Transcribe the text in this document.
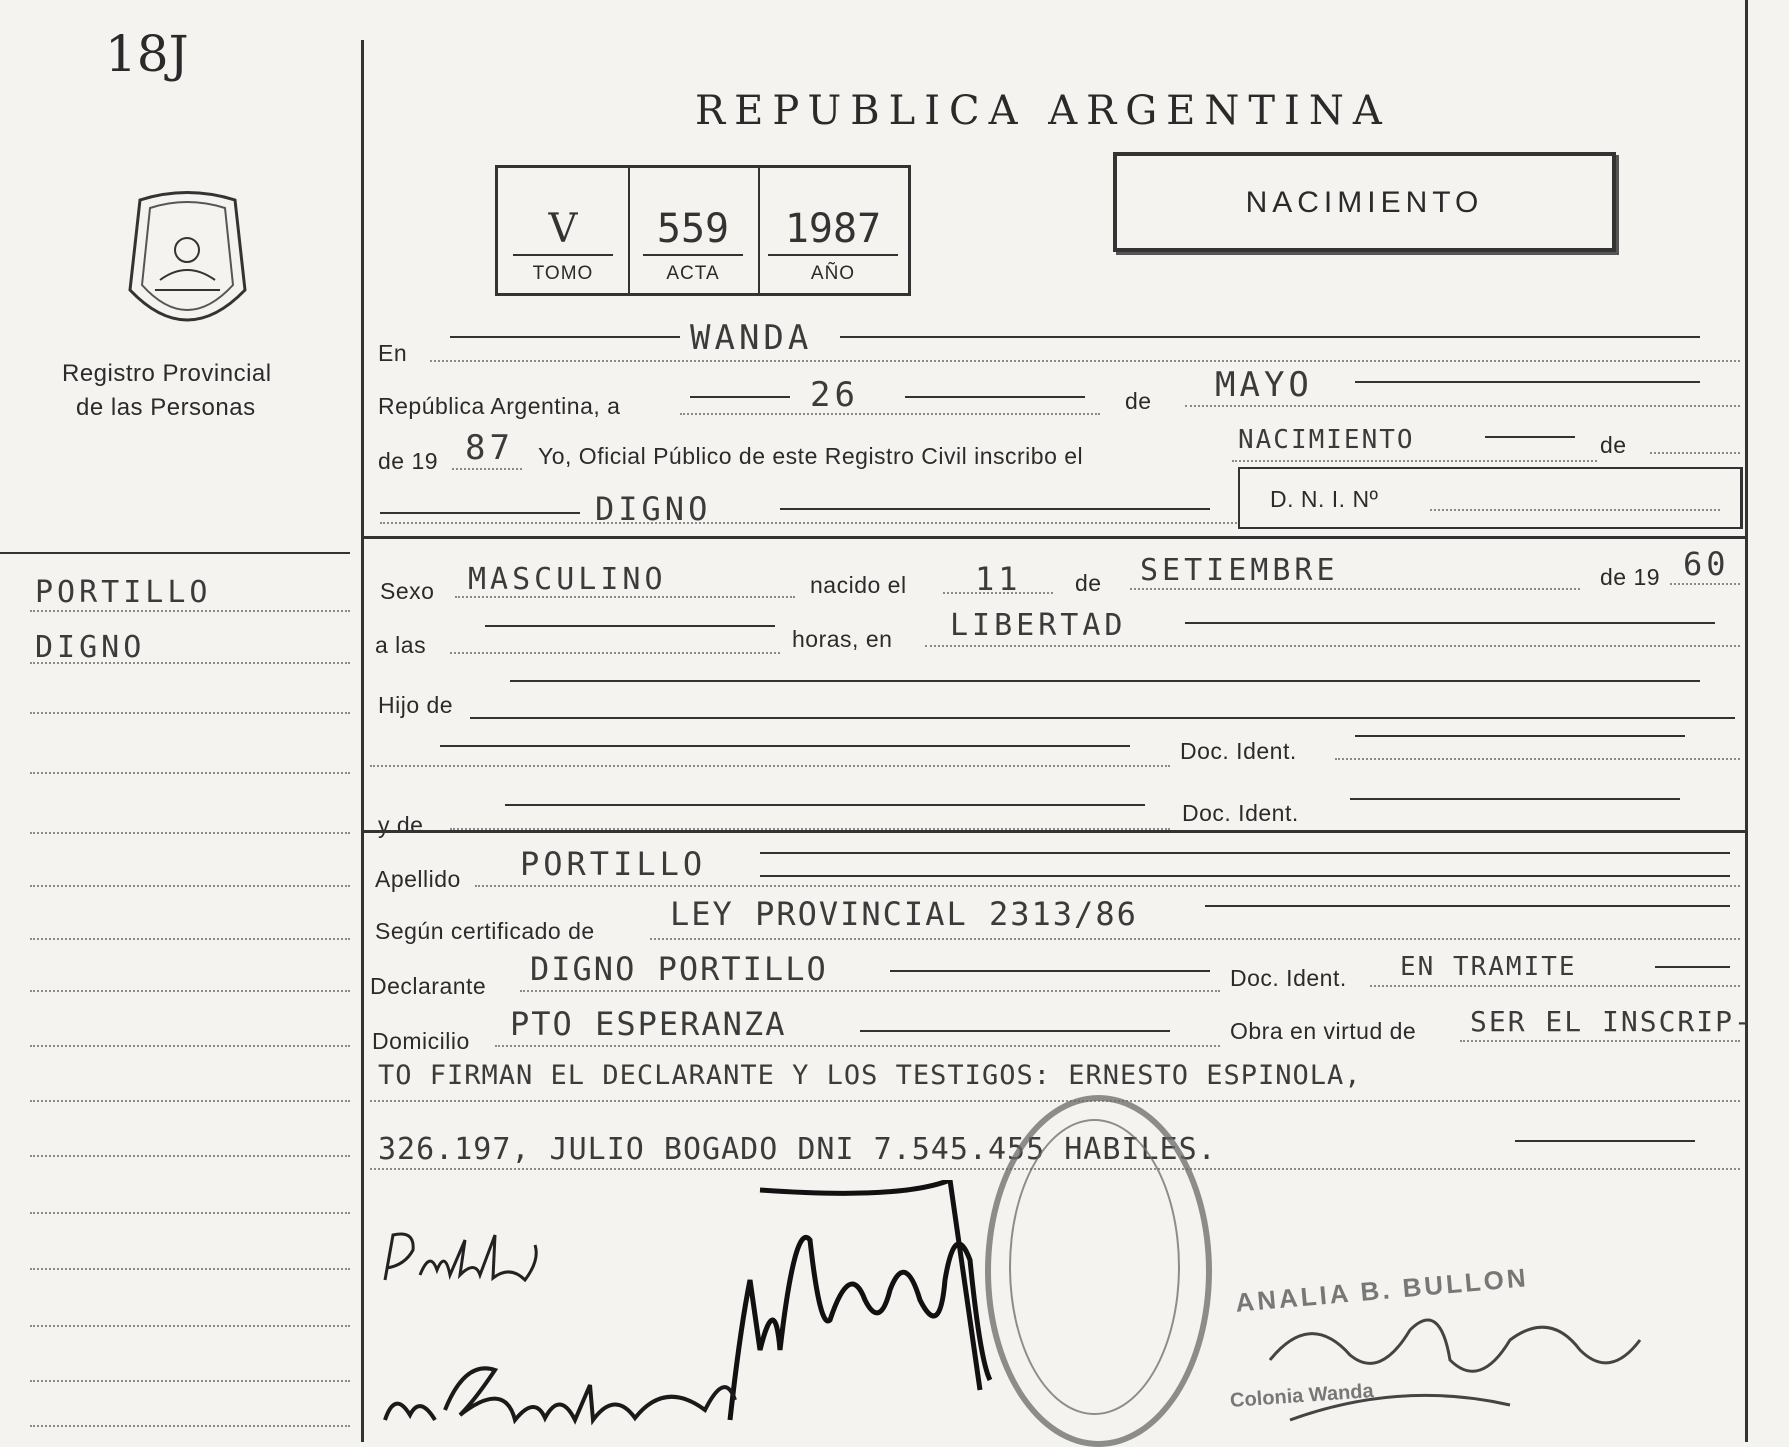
18J
Registro Provincial
de las Personas
PORTILLO
DIGNO
REPUBLICA ARGENTINA
V
TOMO
559
ACTA
1987
AÑO
NACIMIENTO
En	WANDA
República Argentina, a	26	de MAYO
de 19 87 Yo, Oficial Público de este Registro Civil inscribo el
NACIMIENTO	de
DIGNO	D. N. I. Nº
Sexo MASCULINO	nacido el 11 de SETIEMBRE	de 19 60
a las	horas, en LIBERTAD
Hijo de
Doc. Ident.
y de	Doc. Ident.
Apellido PORTILLO
Según certificado de LEY PROVINCIAL 2313/86
Declarante DIGNO PORTILLO	Doc. Ident. EN TRAMITE
Domicilio PTO ESPERANZA	Obra en virtud de SER EL INSCRIP-
TO FIRMAN EL DECLARANTE Y LOS TESTIGOS: ERNESTO ESPINOLA,
326.197, JULIO BOGADO DNI 7.545.455 HABILES.
ANALIA B. BULLON
Colonia Wanda
